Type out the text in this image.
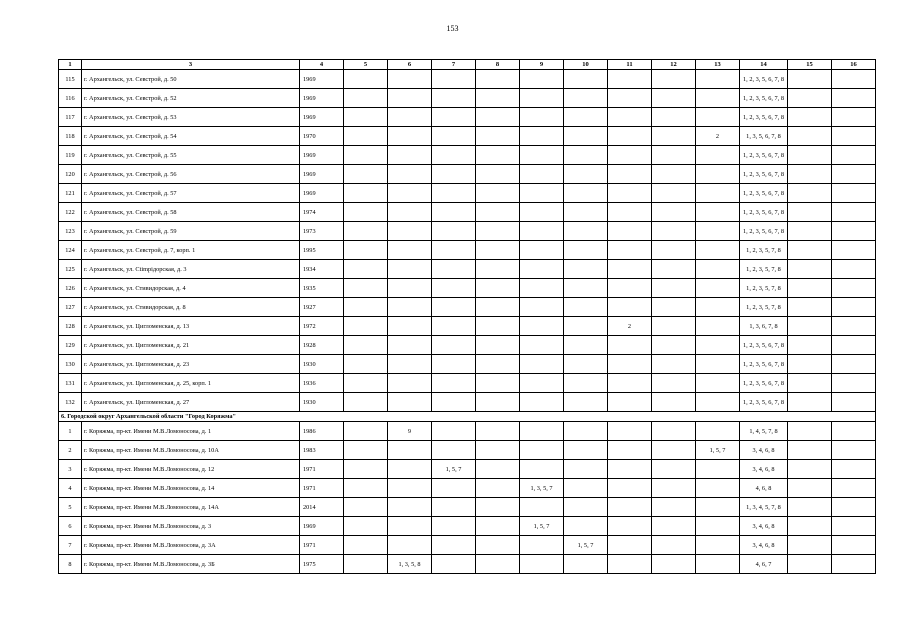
153
1	3	4	5	6	7	8	9	10	11	12	13	14	15	16
115	г. Архангельск, ул. Севстрой, д. 50	1969										1, 2, 3, 5, 6, 7, 8		
116	г. Архангельск, ул. Севстрой, д. 52	1969										1, 2, 3, 5, 6, 7, 8		
117	г. Архангельск, ул. Севстрой, д. 53	1969										1, 2, 3, 5, 6, 7, 8		
118	г. Архангельск, ул. Севстрой, д. 54	1970									2	1, 3, 5, 6, 7, 8		
119	г. Архангельск, ул. Севстрой, д. 55	1969										1, 2, 3, 5, 6, 7, 8		
120	г. Архангельск, ул. Севстрой, д. 56	1969										1, 2, 3, 5, 6, 7, 8		
121	г. Архангельск, ул. Севстрой, д. 57	1969										1, 2, 3, 5, 6, 7, 8		
122	г. Архангельск, ул. Севстрой, д. 58	1974										1, 2, 3, 5, 6, 7, 8		
123	г. Архангельск, ул. Севстрой, д. 59	1973										1, 2, 3, 5, 6, 7, 8		
124	г. Архангельск, ул. Севстрой, д. 7, корп. 1	1995										1, 2, 3, 5, 7, 8		
125	г. Архангельск, ул. Сtimpiдорская, д. 3	1934										1, 2, 3, 5, 7, 8		
126	г. Архангельск, ул. Стивидорская, д. 4	1935										1, 2, 3, 5, 7, 8		
127	г. Архангельск, ул. Стивидорская, д. 8	1927										1, 2, 3, 5, 7, 8		
128	г. Архангельск, ул. Цигломенская, д. 13	1972							2			1, 3, 6, 7, 8		
129	г. Архангельск, ул. Цигломенская, д. 21	1928										1, 2, 3, 5, 6, 7, 8		
130	г. Архангельск, ул. Цигломенская, д. 23	1930										1, 2, 3, 5, 6, 7, 8		
131	г. Архангельск, ул. Цигломенская, д. 25, корп. 1	1936										1, 2, 3, 5, 6, 7, 8		
132	г. Архангельск, ул. Цигломенская, д. 27	1930										1, 2, 3, 5, 6, 7, 8		
6. Городской округ Архангельской области "Город Коряжма"														
1	г. Коряжма, пр-кт. Имени М.В.Ломоносова, д. 1	1986		9								1, 4, 5, 7, 8		
2	г. Коряжма, пр-кт. Имени М.В.Ломоносова, д. 10А	1983									1, 5, 7	3, 4, 6, 8		
3	г. Коряжма, пр-кт. Имени М.В.Ломоносова, д. 12	1971			1, 5, 7							3, 4, 6, 8		
4	г. Коряжма, пр-кт. Имени М.В.Ломоносова, д. 14	1971					1, 3, 5, 7					4, 6, 8		
5	г. Коряжма, пр-кт. Имени М.В.Ломоносова, д. 14А	2014										1, 3, 4, 5, 7, 8		
6	г. Коряжма, пр-кт. Имени М.В.Ломоносова, д. 3	1969					1, 5, 7					3, 4, 6, 8		
7	г. Коряжма, пр-кт. Имени М.В.Ломоносова, д. 3А	1971						1, 5, 7				3, 4, 6, 8		
8	г. Коряжма, пр-кт. Имени М.В.Ломоносова, д. 3Б	1975		1, 3, 5, 8								4, 6, 7		
